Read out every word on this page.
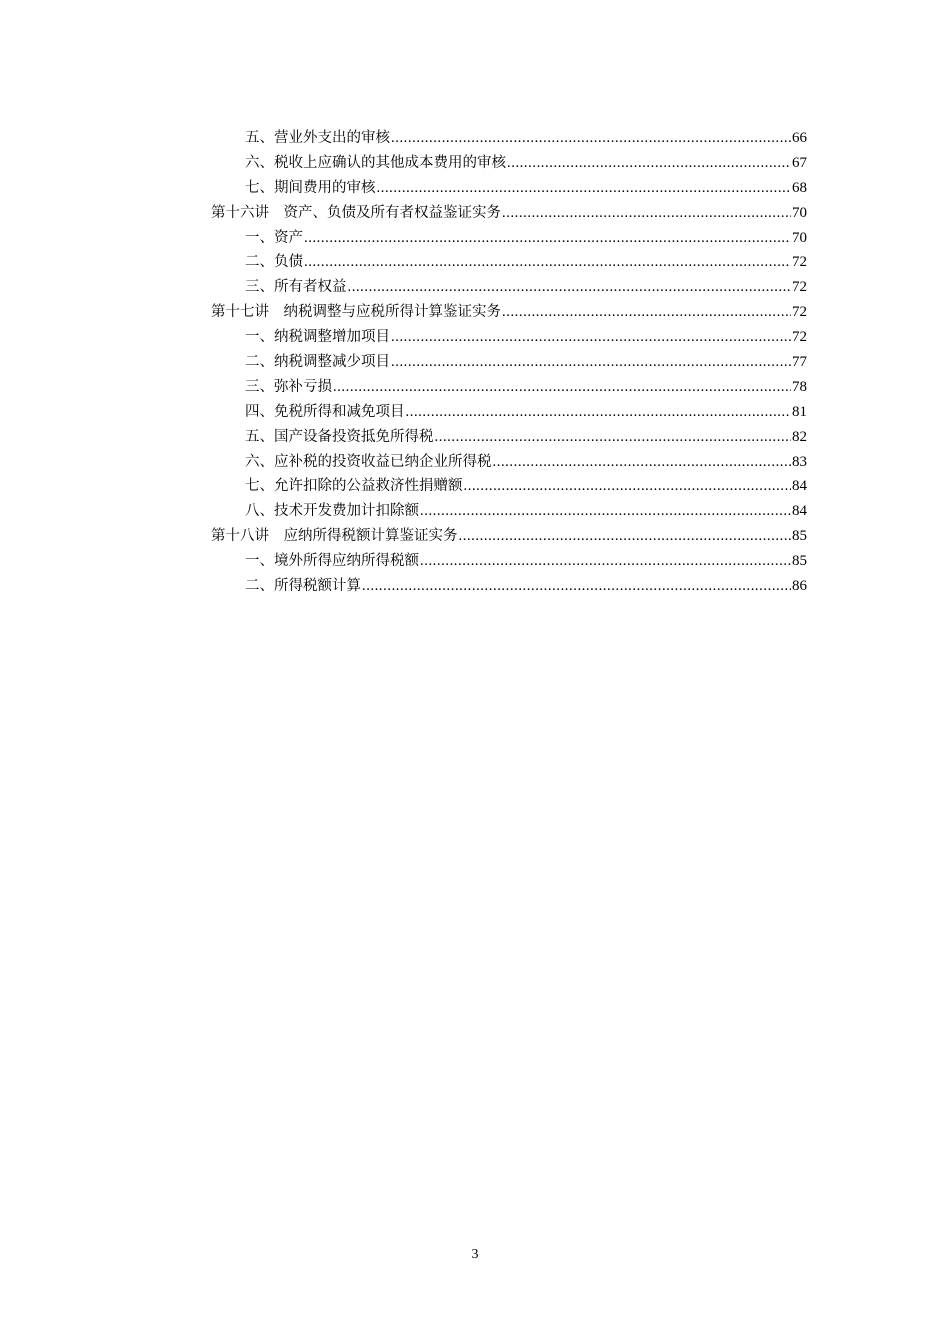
五、营业外支出的审核 .....	66
六、税收上应确认的其他成本费用的审核 .....	67
七、期间费用的审核 .....	68
第十六讲　资产、负债及所有者权益鉴证实务 .....	70
一、资产 .....	70
二、负债 .....	72
三、所有者权益 .....	72
第十七讲　纳税调整与应税所得计算鉴证实务 .....	72
一、纳税调整增加项目 .....	72
二、纳税调整减少项目 .....	77
三、弥补亏损 .....	78
四、免税所得和减免项目 .....	81
五、国产设备投资抵免所得税 .....	82
六、应补税的投资收益已纳企业所得税 .....	83
七、允许扣除的公益救济性捐赠额 .....	84
八、技术开发费加计扣除额 .....	84
第十八讲　应纳所得税额计算鉴证实务 .....	85
一、境外所得应纳所得税额 .....	85
二、所得税额计算 .....	86
3
